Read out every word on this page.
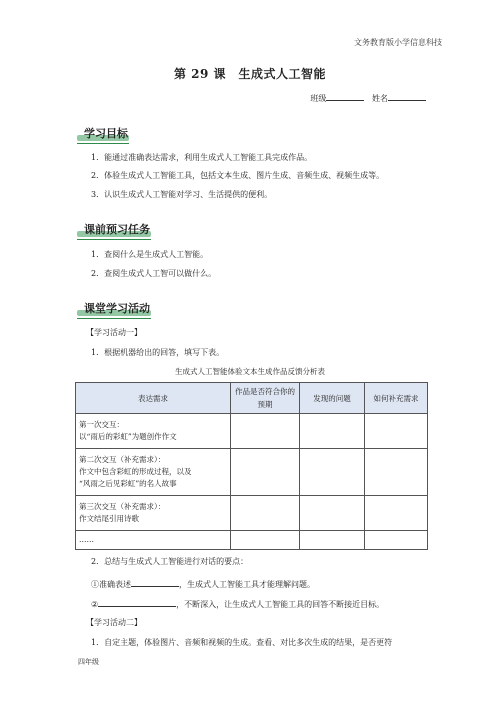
文务教育版小学信息科技
第 29 课　生成式人工智能
班级	姓名
学习目标
1．能通过准确表达需求，利用生成式人工智能工具完成作品。
2．体验生成式人工智能工具，包括文本生成、图片生成、音频生成、视频生成等。
3．认识生成式人工智能对学习、生活提供的便利。
课前预习任务
1．查阅什么是生成式人工智能。
2．查阅生成式人工智可以做什么。
课堂学习活动
【学习活动一】
1．根据机器给出的回答，填写下表。
生成式人工智能体验文本生成作品反馈分析表
表达需求	作品是否符合你的预期	发现的问题	如何补充需求

第一次交互：
以“雨后的彩虹”为题创作作文			

第二次交互（补充需求）：
作文中包含彩虹的形成过程，以及
“风雨之后见彩虹”的名人故事			

第三次交互（补充需求）：
作文结尾引用诗歌			

……			
2．总结与生成式人工智能进行对话的要点：
①准确表述	，生成式人工智能工具才能理解问题。
②	，不断深入，让生成式人工智能工具的回答不断接近目标。
【学习活动二】
1．自定主题，体验图片、音频和视频的生成。查看、对比多次生成的结果，是否更符
四年级
